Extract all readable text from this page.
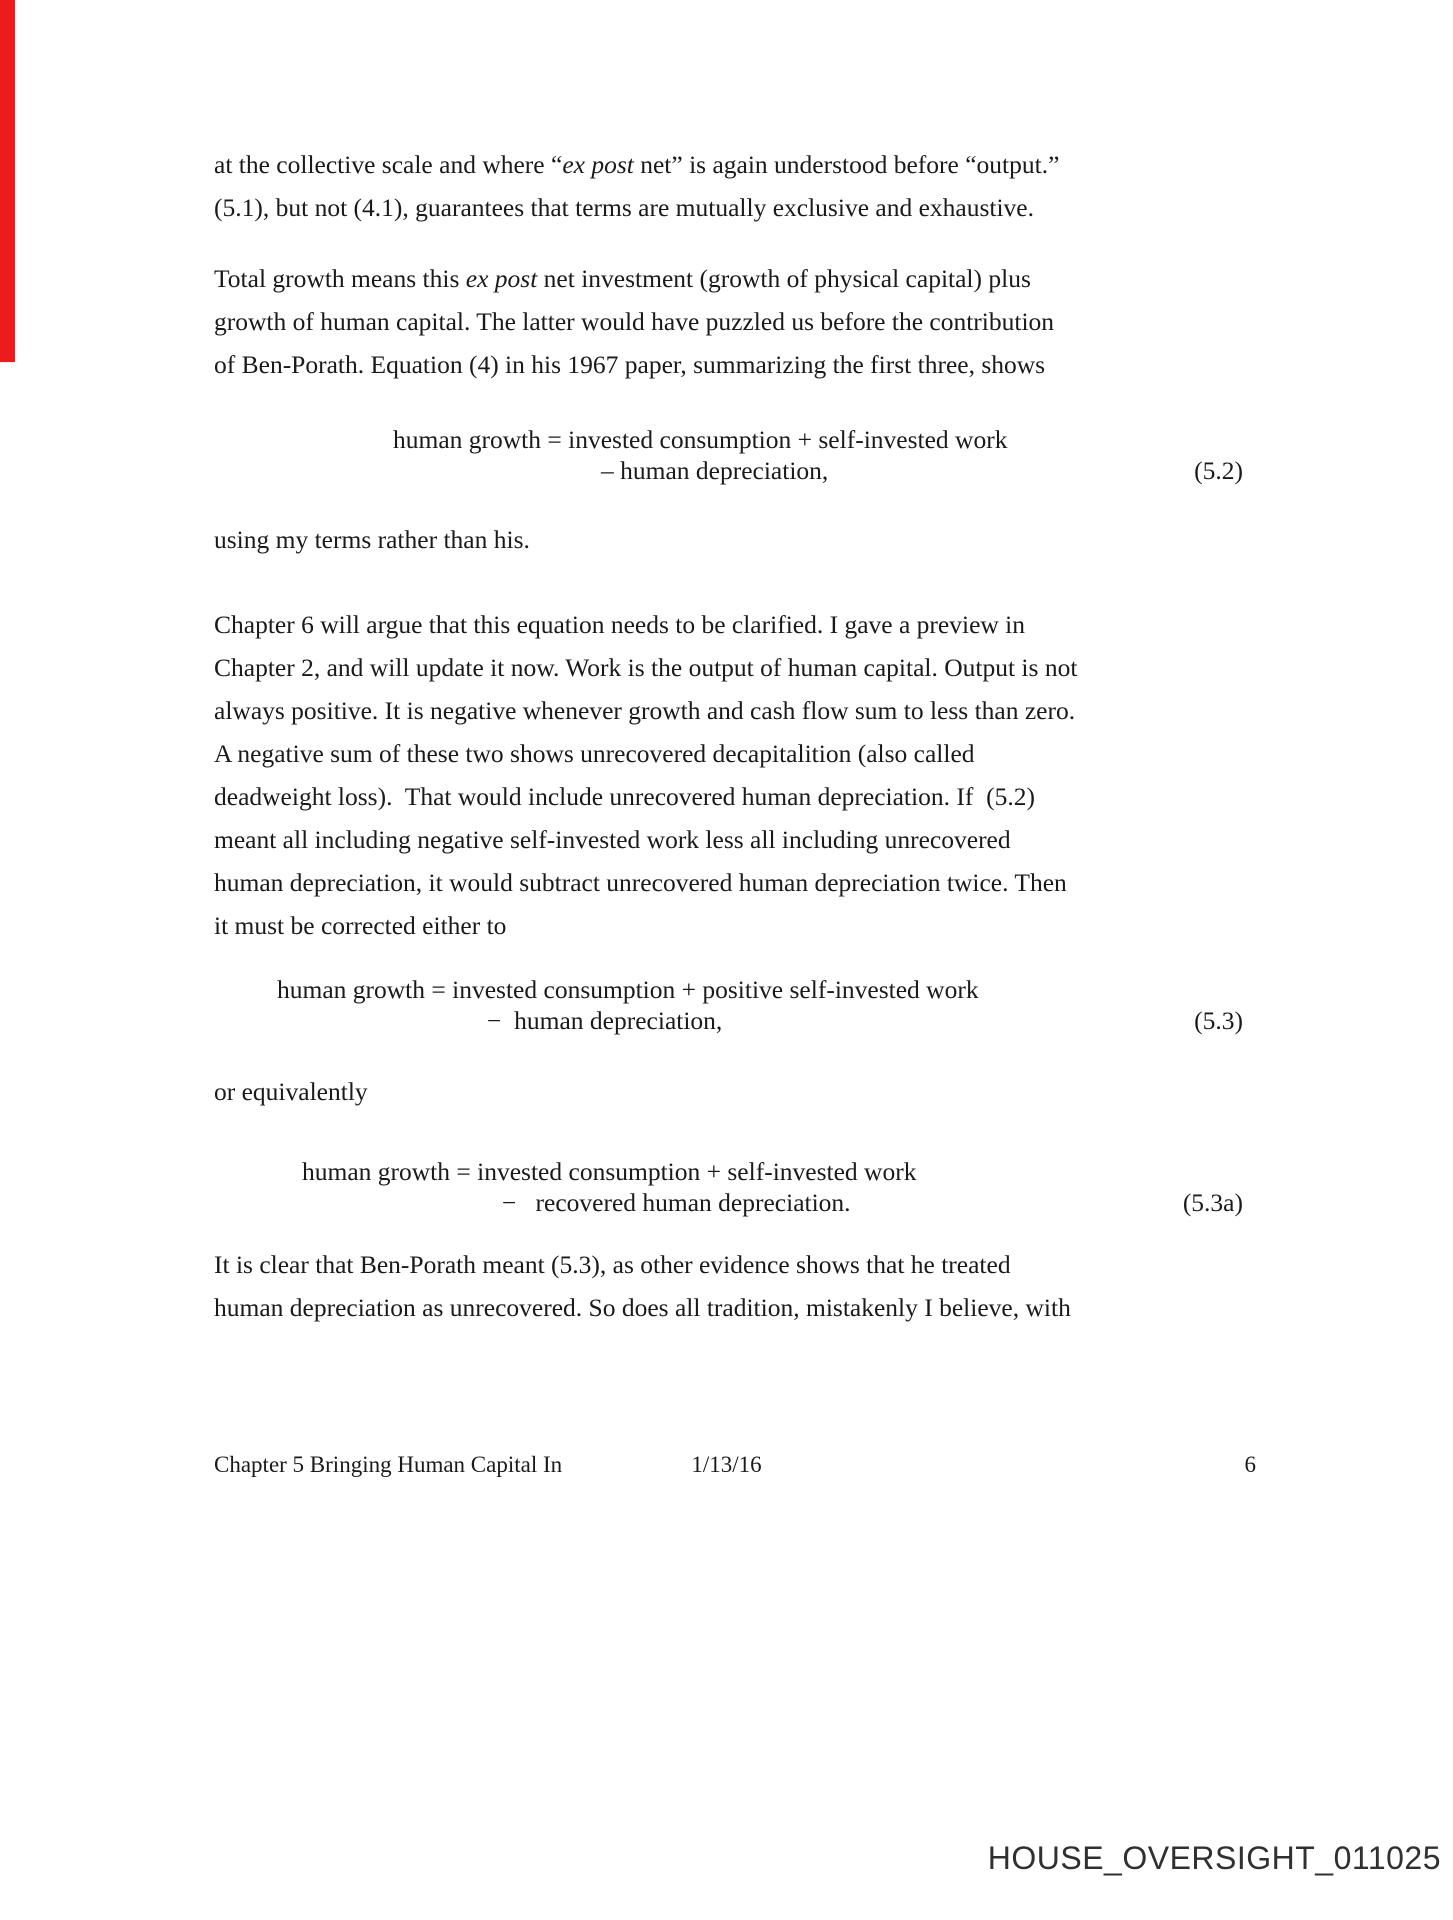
at the collective scale and where “ex post net” is again understood before “output.”
(5.1), but not (4.1), guarantees that terms are mutually exclusive and exhaustive.
Total growth means this ex post net investment (growth of physical capital) plus
growth of human capital. The latter would have puzzled us before the contribution
of Ben-Porath. Equation (4) in his 1967 paper, summarizing the first three, shows
human growth = invested consumption + self-invested work
– human depreciation,	(5.2)
using my terms rather than his.
Chapter 6 will argue that this equation needs to be clarified. I gave a preview in
Chapter 2, and will update it now. Work is the output of human capital. Output is not
always positive. It is negative whenever growth and cash flow sum to less than zero.
A negative sum of these two shows unrecovered decapitalition (also called
deadweight loss).  That would include unrecovered human depreciation. If  (5.2)
meant all including negative self-invested work less all including unrecovered
human depreciation, it would subtract unrecovered human depreciation twice. Then
it must be corrected either to
human growth = invested consumption + positive self-invested work
−  human depreciation,	(5.3)
or equivalently
human growth = invested consumption + self-invested work
−   recovered human depreciation.	(5.3a)
It is clear that Ben-Porath meant (5.3), as other evidence shows that he treated
human depreciation as unrecovered. So does all tradition, mistakenly I believe, with
Chapter 5 Bringing Human Capital In	1/13/16	6
HOUSE_OVERSIGHT_011025
